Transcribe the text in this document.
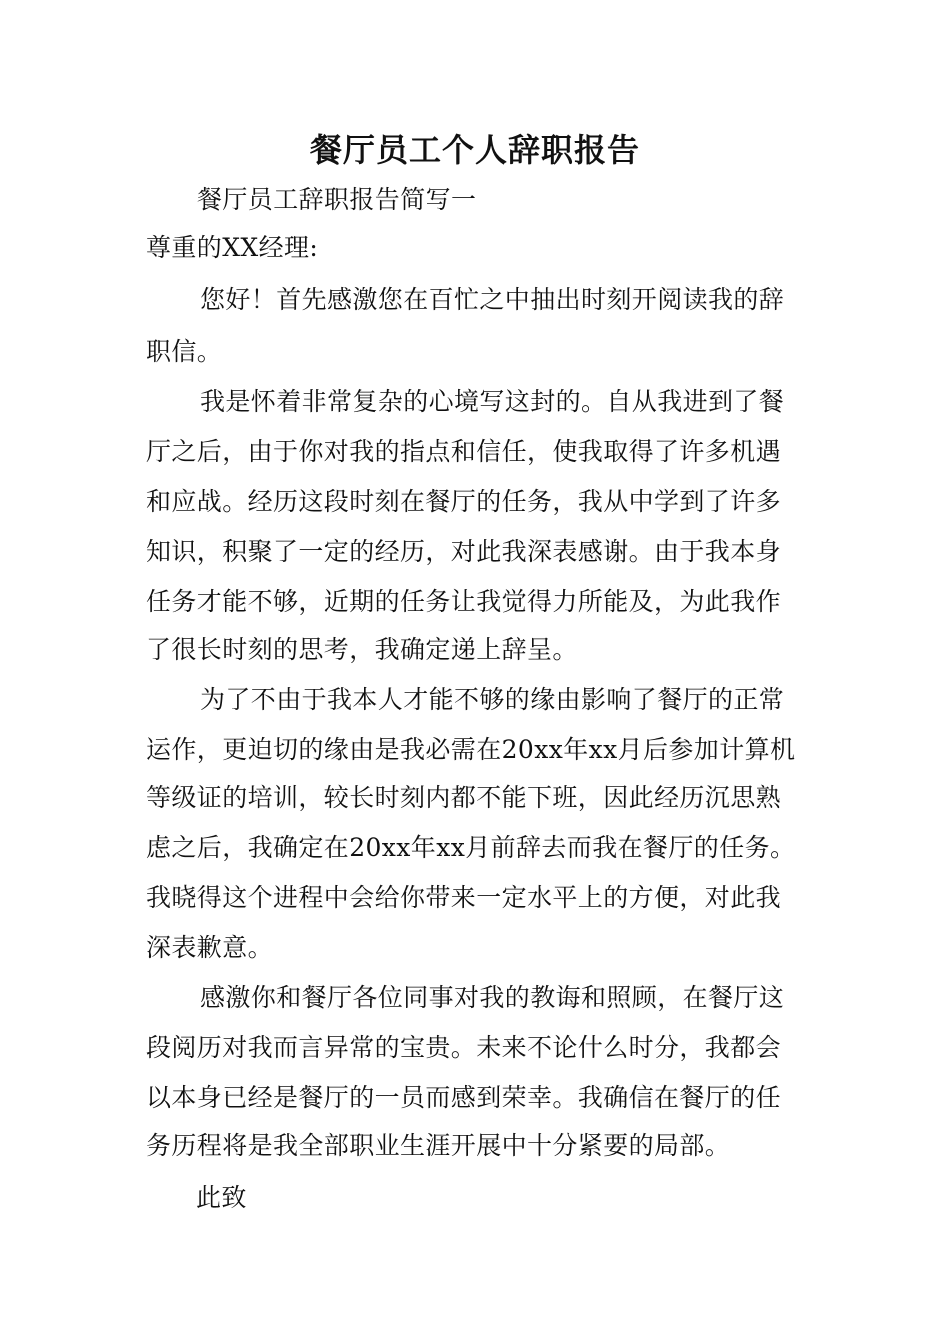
餐厅员工个人辞职报告
餐厅员工辞职报告简写一
尊重的XX经理:
您好！首先感激您在百忙之中抽出时刻开阅读我的辞
职信。
我是怀着非常复杂的心境写这封的。自从我进到了餐
厅之后，由于你对我的指点和信任，使我取得了许多机遇
和应战。经历这段时刻在餐厅的任务，我从中学到了许多
知识，积聚了一定的经历，对此我深表感谢。由于我本身
任务才能不够，近期的任务让我觉得力所能及，为此我作
了很长时刻的思考，我确定递上辞呈。
为了不由于我本人才能不够的缘由影响了餐厅的正常
运作，更迫切的缘由是我必需在20xx年xx月后参加计算机
等级证的培训，较长时刻内都不能下班，因此经历沉思熟
虑之后，我确定在20xx年xx月前辞去而我在餐厅的任务。
我晓得这个进程中会给你带来一定水平上的方便，对此我
深表歉意。
感激你和餐厅各位同事对我的教诲和照顾，在餐厅这
段阅历对我而言异常的宝贵。未来不论什么时分，我都会
以本身已经是餐厅的一员而感到荣幸。我确信在餐厅的任
务历程将是我全部职业生涯开展中十分紧要的局部。
此致
